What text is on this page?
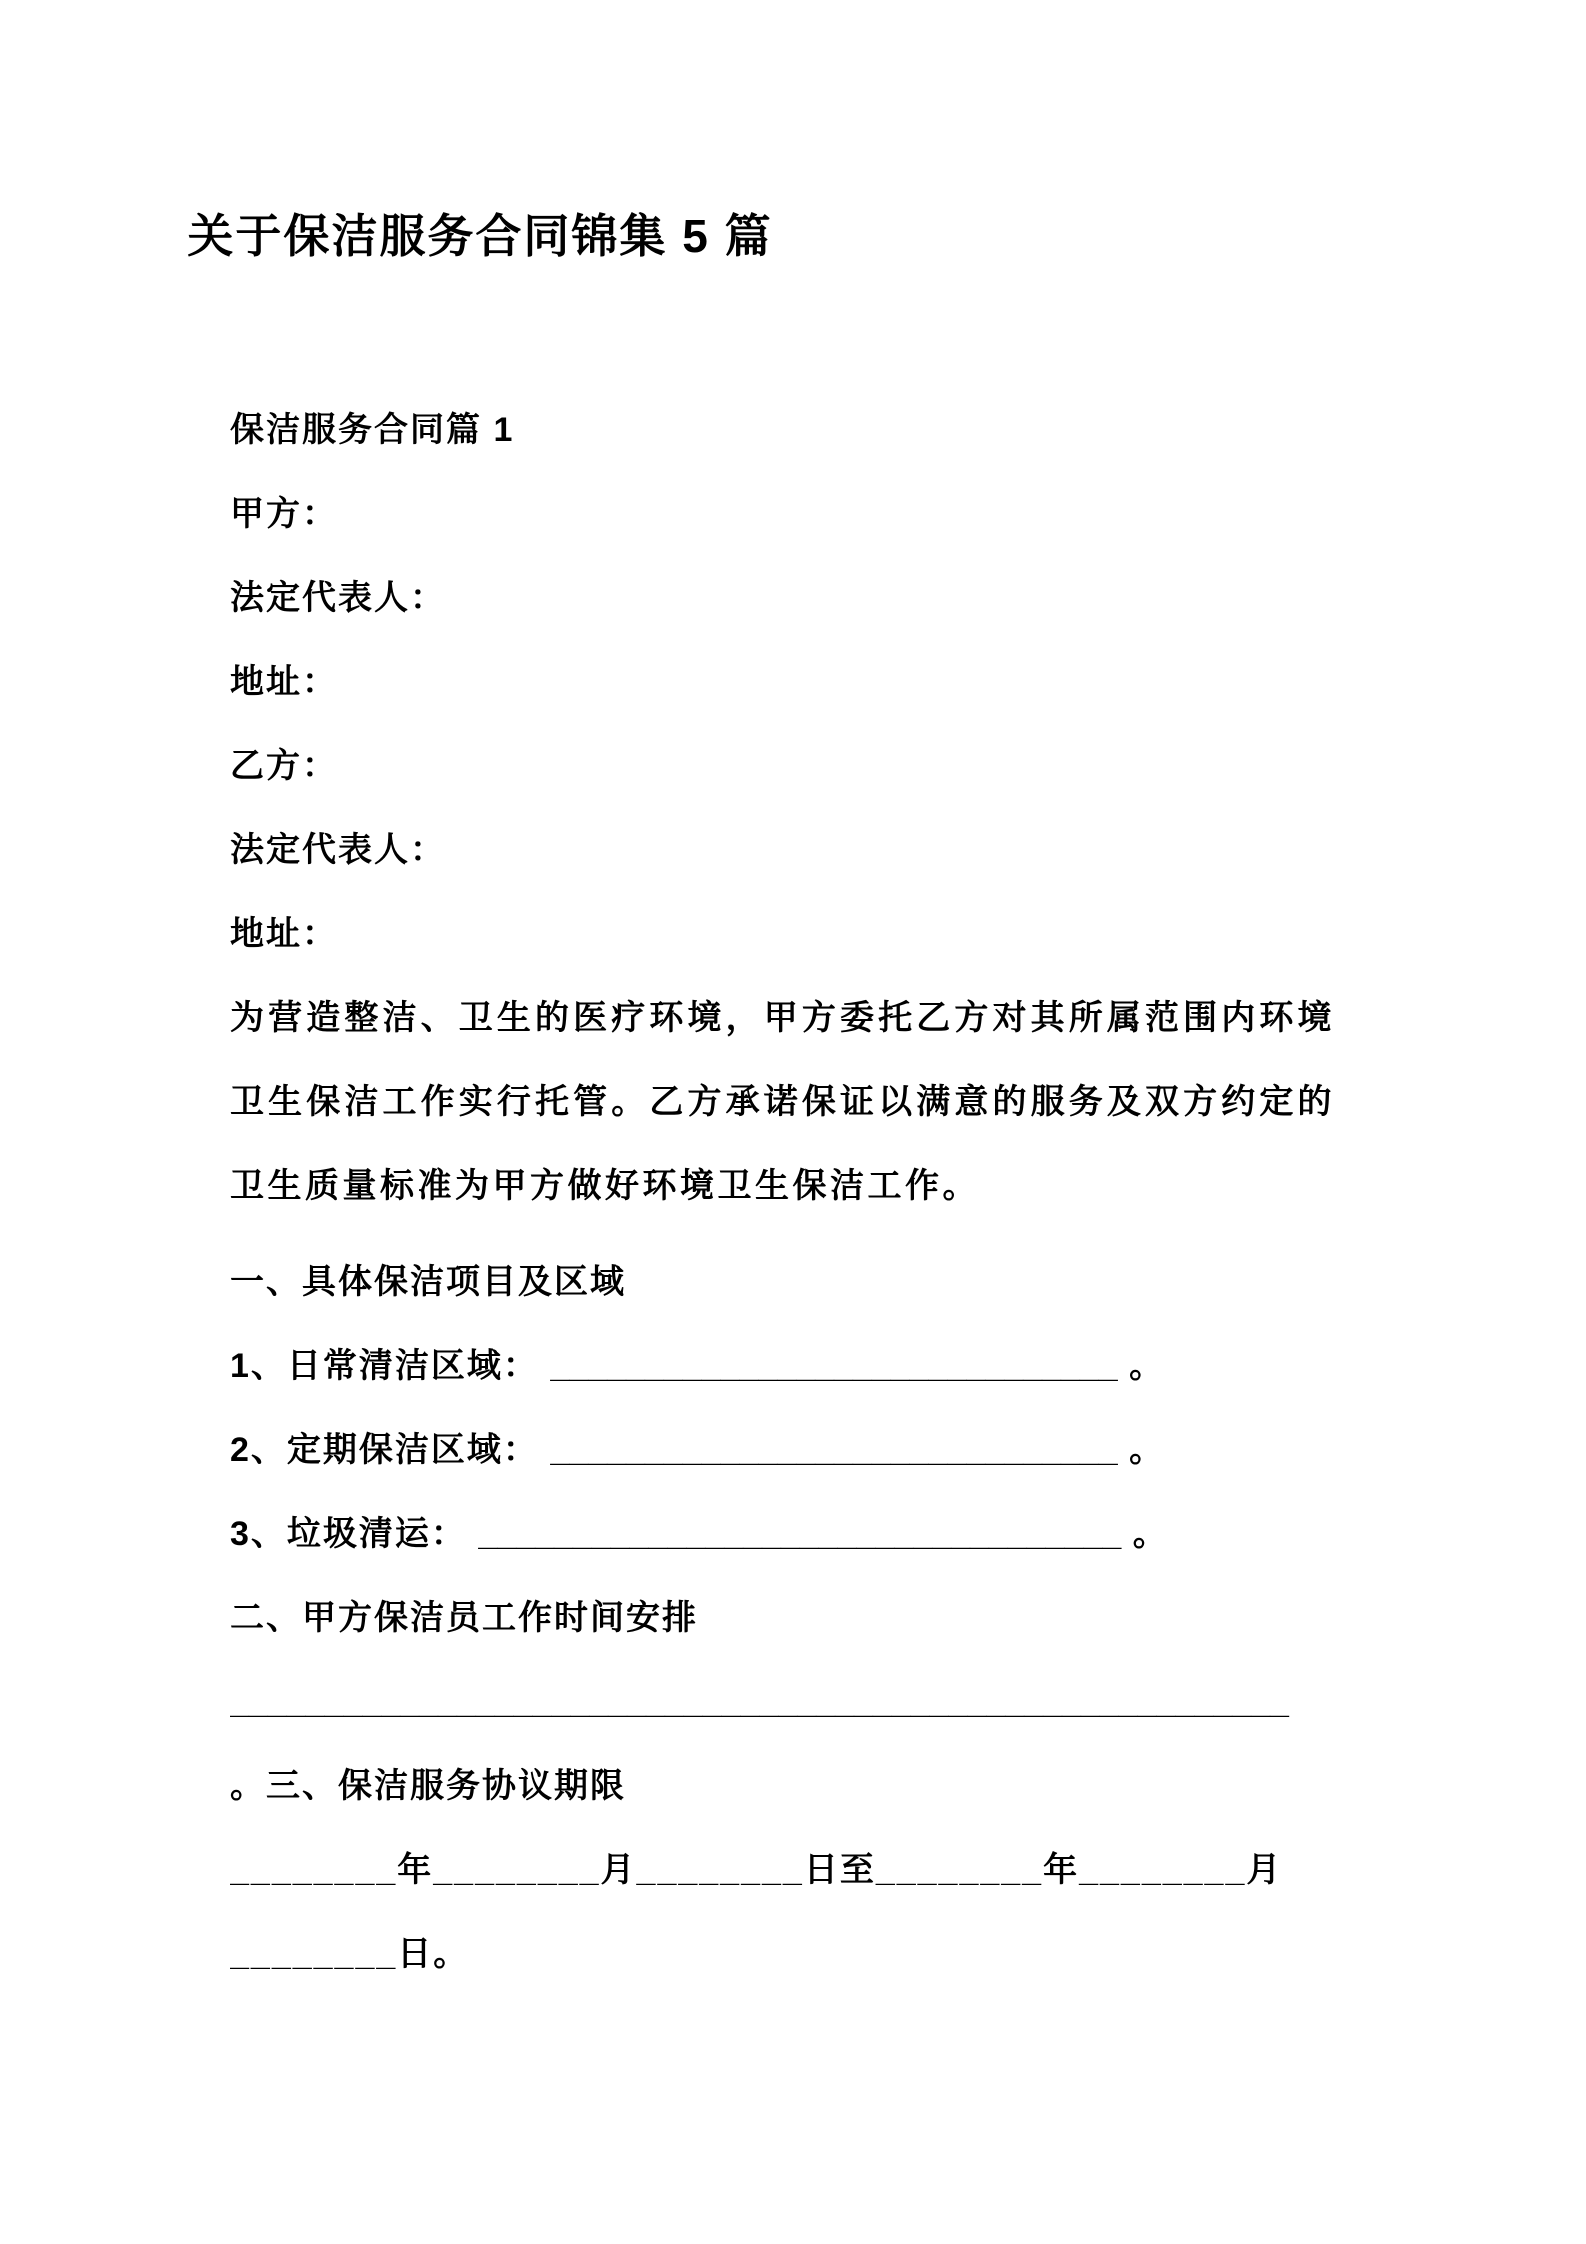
关于保洁服务合同锦集 5 篇
保洁服务合同篇 1
甲方：
法定代表人：
地址：
乙方：
法定代表人：
地址：
为营造整洁、卫生的医疗环境，甲方委托乙方对其所属范围内环境卫生保洁工作实行托管。乙方承诺保证以满意的服务及双方约定的卫生质量标准为甲方做好环境卫生保洁工作。
一、具体保洁项目及区域
1、日常清洁区域： ______________________________ 。
2、定期保洁区域： ______________________________ 。
3、垃圾清运： __________________________________ 。
二、甲方保洁员工作时间安排
________________________________________________________
。三、保洁服务协议期限
________年________月________日至________年________月
________日。
